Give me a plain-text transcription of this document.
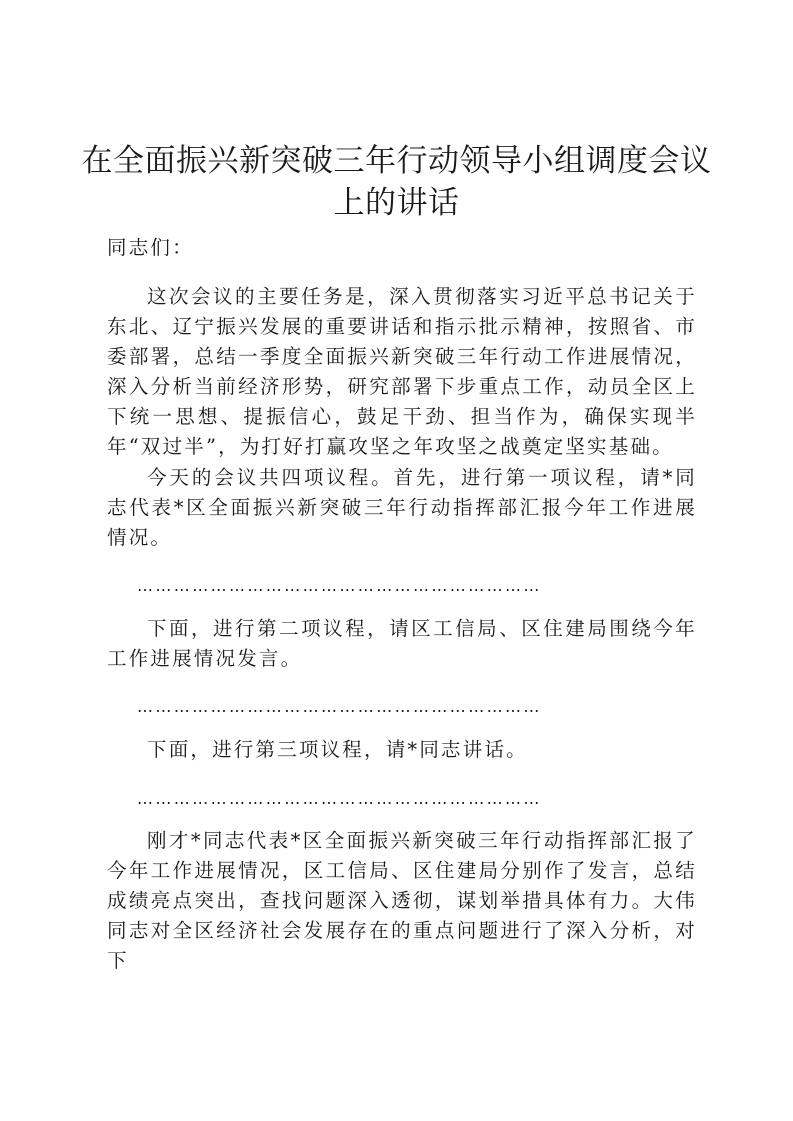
在全面振兴新突破三年行动领导小组调度会议
上的讲话

同志们：

这次会议的主要任务是，深入贯彻落实习近平总书记关于东北、辽宁振兴发展的重要讲话和指示批示精神，按照省、市委部署，总结一季度全面振兴新突破三年行动工作进展情况，深入分析当前经济形势，研究部署下步重点工作，动员全区上下统一思想、提振信心，鼓足干劲、担当作为，确保实现半年“双过半”，为打好打赢攻坚之年攻坚之战奠定坚实基础。

今天的会议共四项议程。首先，进行第一项议程，请*同志代表*区全面振兴新突破三年行动指挥部汇报今年工作进展情况。

…………………………………………………………

下面，进行第二项议程，请区工信局、区住建局围绕今年工作进展情况发言。

…………………………………………………………

下面，进行第三项议程，请*同志讲话。

…………………………………………………………

刚才*同志代表*区全面振兴新突破三年行动指挥部汇报了今年工作进展情况，区工信局、区住建局分别作了发言，总结成绩亮点突出，查找问题深入透彻，谋划举措具体有力。大伟同志对全区经济社会发展存在的重点问题进行了深入分析，对下
